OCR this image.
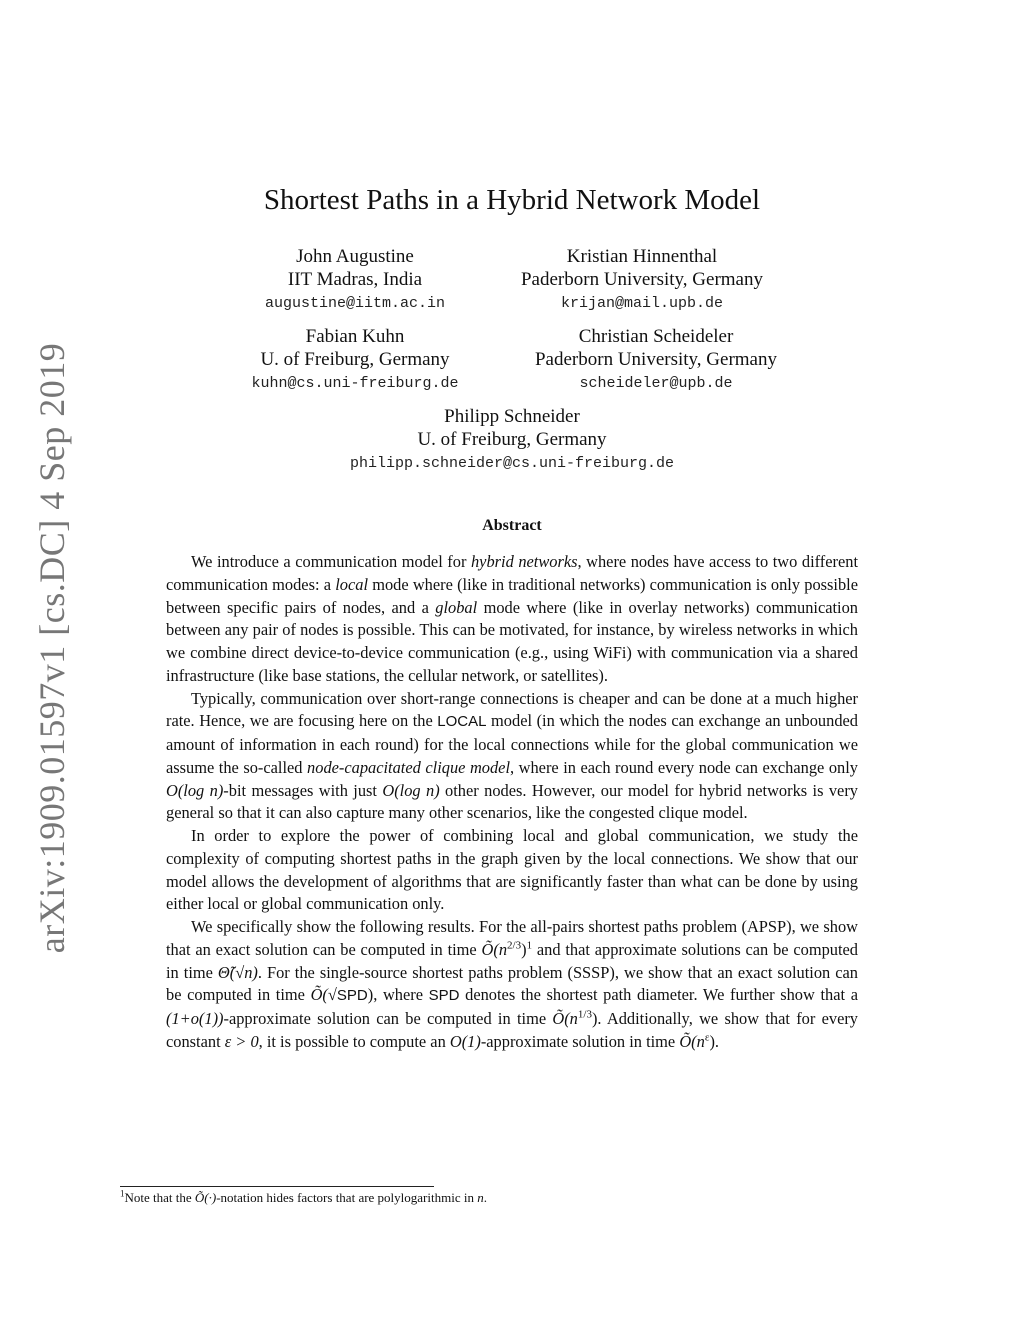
arXiv:1909.01597v1 [cs.DC] 4 Sep 2019
Shortest Paths in a Hybrid Network Model
John Augustine
IIT Madras, India
augustine@iitm.ac.in
Kristian Hinnenthal
Paderborn University, Germany
krijan@mail.upb.de
Fabian Kuhn
U. of Freiburg, Germany
kuhn@cs.uni-freiburg.de
Christian Scheideler
Paderborn University, Germany
scheideler@upb.de
Philipp Schneider
U. of Freiburg, Germany
philipp.schneider@cs.uni-freiburg.de
Abstract

We introduce a communication model for hybrid networks, where nodes have access to two different communication modes: a local mode where (like in traditional networks) communication is only possible between specific pairs of nodes, and a global mode where (like in overlay networks) communication between any pair of nodes is possible. This can be motivated, for instance, by wireless networks in which we combine direct device-to-device communication (e.g., using WiFi) with communication via a shared infrastructure (like base stations, the cellular network, or satellites).

Typically, communication over short-range connections is cheaper and can be done at a much higher rate. Hence, we are focusing here on the LOCAL model (in which the nodes can exchange an unbounded amount of information in each round) for the local connections while for the global communication we assume the so-called node-capacitated clique model, where in each round every node can exchange only O(log n)-bit messages with just O(log n) other nodes. However, our model for hybrid networks is very general so that it can also capture many other scenarios, like the congested clique model.

In order to explore the power of combining local and global communication, we study the complexity of computing shortest paths in the graph given by the local connections. We show that our model allows the development of algorithms that are significantly faster than what can be done by using either local or global communication only.

We specifically show the following results. For the all-pairs shortest paths problem (APSP), we show that an exact solution can be computed in time $Õ(n^{2/3})^1$ and that approximate solutions can be computed in time Θ̃(√n). For the single-source shortest paths problem (SSSP), we show that an exact solution can be computed in time Õ(√SPD), where SPD denotes the shortest path diameter. We further show that a (1+o(1))-approximate solution can be computed in time $Õ(n^{1/3})$. Additionally, we show that for every constant ε > 0, it is possible to compute an O(1)-approximate solution in time $Õ(n^\varepsilon)$.

$^1$Note that the Õ(·)-notation hides factors that are polylogarithmic in n.
